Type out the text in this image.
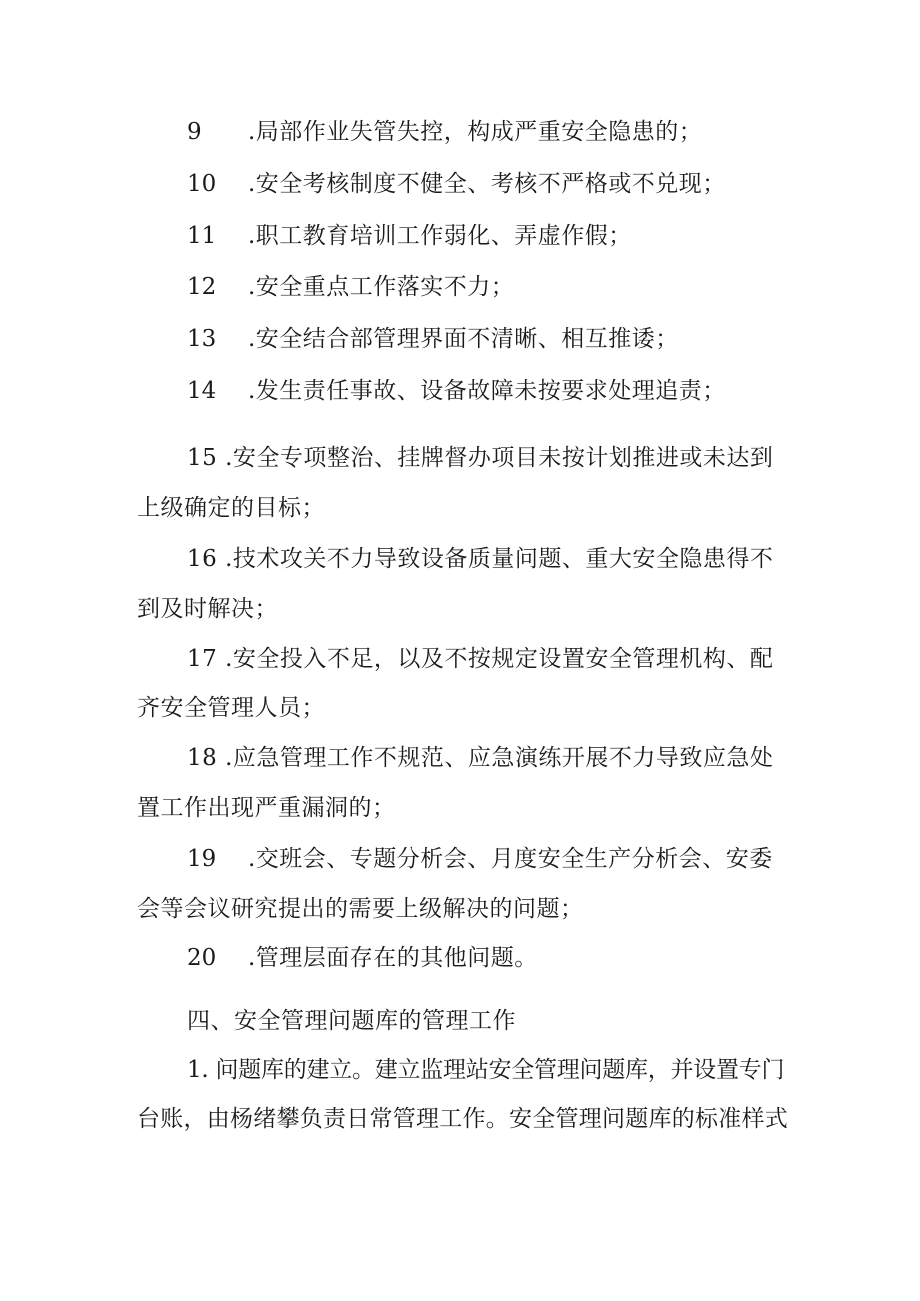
9 .局部作业失管失控，构成严重安全隐患的；
10 .安全考核制度不健全、考核不严格或不兑现；
11 .职工教育培训工作弱化、弄虚作假；
12 .安全重点工作落实不力；
13 .安全结合部管理界面不清晰、相互推诿；
14 .发生责任事故、设备故障未按要求处理追责；
15 .安全专项整治、挂牌督办项目未按计划推进或未达到
上级确定的目标；
16 .技术攻关不力导致设备质量问题、重大安全隐患得不
到及时解决；
17 .安全投入不足，以及不按规定设置安全管理机构、配
齐安全管理人员；
18 .应急管理工作不规范、应急演练开展不力导致应急处
置工作出现严重漏洞的；
19 .交班会、专题分析会、月度安全生产分析会、安委
会等会议研究提出的需要上级解决的问题；
20 .管理层面存在的其他问题。
四、安全管理问题库的管理工作
1. 问题库的建立。建立监理站安全管理问题库，并设置专门
台账，由杨绪攀负责日常管理工作。安全管理问题库的标准样式
